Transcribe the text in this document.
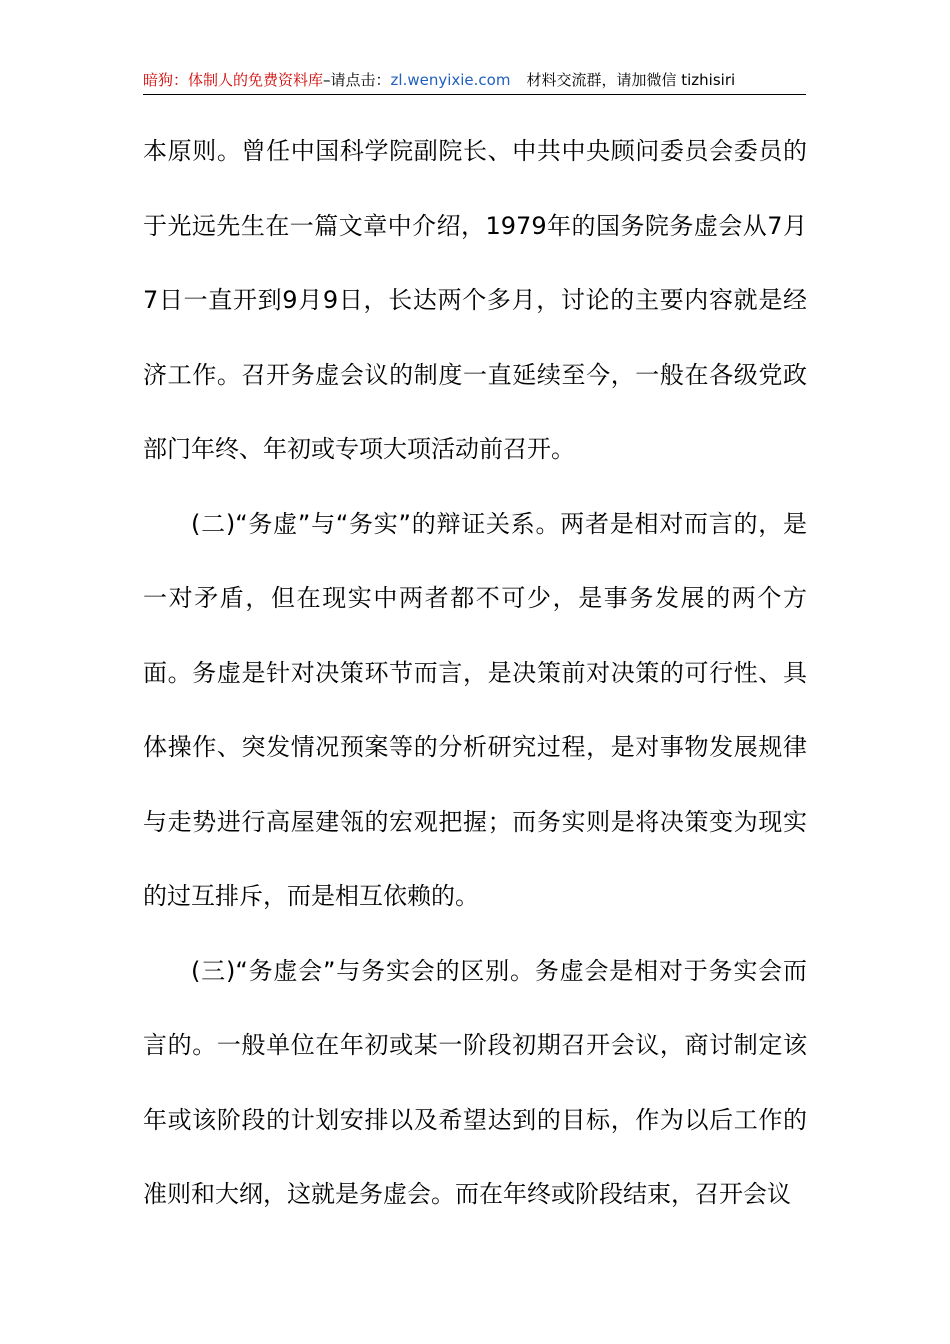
暗狗：体制人的免费资料库–请点击：zl.wenyixie.com 材料交流群，请加微信 tizhisiri

本原则。曾任中国科学院副院长、中共中央顾问委员会委员的于光远先生在一篇文章中介绍，1979年的国务院务虚会从7月7日一直开到9月9日，长达两个多月，讨论的主要内容就是经济工作。召开务虚会议的制度一直延续至今，一般在各级党政部门年终、年初或专项大项活动前召开。

(二)“务虚”与“务实”的辩证关系。两者是相对而言的，是一对矛盾，但在现实中两者都不可少，是事务发展的两个方面。务虚是针对决策环节而言，是决策前对决策的可行性、具体操作、突发情况预案等的分析研究过程，是对事物发展规律与走势进行高屋建瓴的宏观把握；而务实则是将决策变为现实的过互排斥，而是相互依赖的。

(三)“务虚会”与务实会的区别。务虚会是相对于务实会而言的。一般单位在年初或某一阶段初期召开会议，商讨制定该年或该阶段的计划安排以及希望达到的目标，作为以后工作的准则和大纲，这就是务虚会。而在年终或阶段结束，召开会议
